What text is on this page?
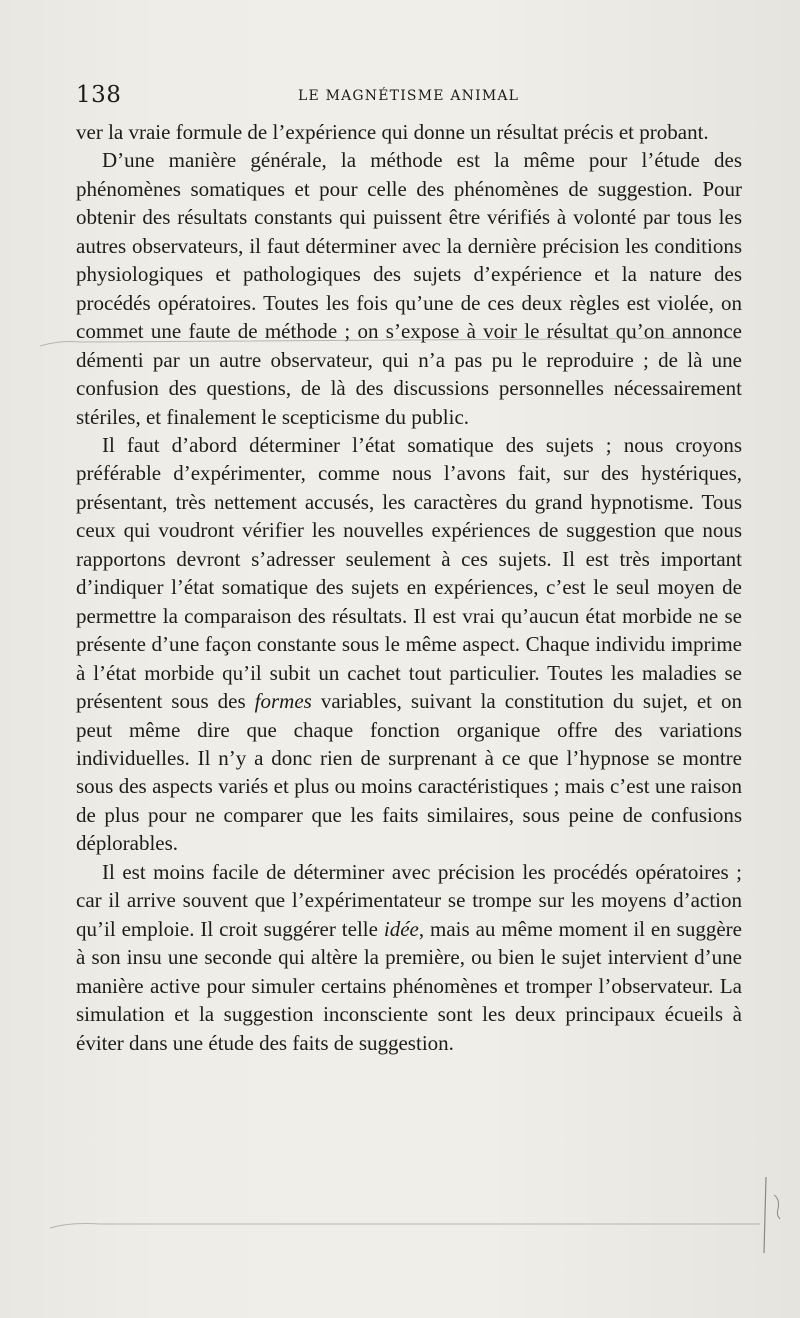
138	LE MAGNÉTISME ANIMAL

ver la vraie formule de l’expérience qui donne un résultat précis et probant.

D’une manière générale, la méthode est la même pour l’étude des phénomènes somatiques et pour celle des phénomènes de suggestion. Pour obtenir des résultats constants qui puissent être vérifiés à volonté par tous les autres observateurs, il faut déterminer avec la dernière précision les conditions physiologiques et pathologiques des sujets d’expérience et la nature des procédés opératoires. Toutes les fois qu’une de ces deux règles est violée, on commet une faute de méthode ; on s’expose à voir le résultat qu’on annonce démenti par un autre observateur, qui n’a pas pu le reproduire ; de là une confusion des questions, de là des discussions personnelles nécessairement stériles, et finalement le scepticisme du public.

Il faut d’abord déterminer l’état somatique des sujets ; nous croyons préférable d’expérimenter, comme nous l’avons fait, sur des hystériques, présentant, très nettement accusés, les caractères du grand hypnotisme. Tous ceux qui voudront vérifier les nouvelles expériences de suggestion que nous rapportons devront s’adresser seulement à ces sujets. Il est très important d’indiquer l’état somatique des sujets en expériences, c’est le seul moyen de permettre la comparaison des résultats. Il est vrai qu’aucun état morbide ne se présente d’une façon constante sous le même aspect. Chaque individu imprime à l’état morbide qu’il subit un cachet tout particulier. Toutes les maladies se présentent sous des formes variables, suivant la constitution du sujet, et on peut même dire que chaque fonction organique offre des variations individuelles. Il n’y a donc rien de surprenant à ce que l’hypnose se montre sous des aspects variés et plus ou moins caractéristiques ; mais c’est une raison de plus pour ne comparer que les faits similaires, sous peine de confusions déplorables.

Il est moins facile de déterminer avec précision les procédés opératoires ; car il arrive souvent que l’expérimentateur se trompe sur les moyens d’action qu’il emploie. Il croit suggérer telle idée, mais au même moment il en suggère à son insu une seconde qui altère la première, ou bien le sujet intervient d’une manière active pour simuler certains phénomènes et tromper l’observateur. La simulation et la suggestion inconsciente sont les deux principaux écueils à éviter dans une étude des faits de suggestion.
